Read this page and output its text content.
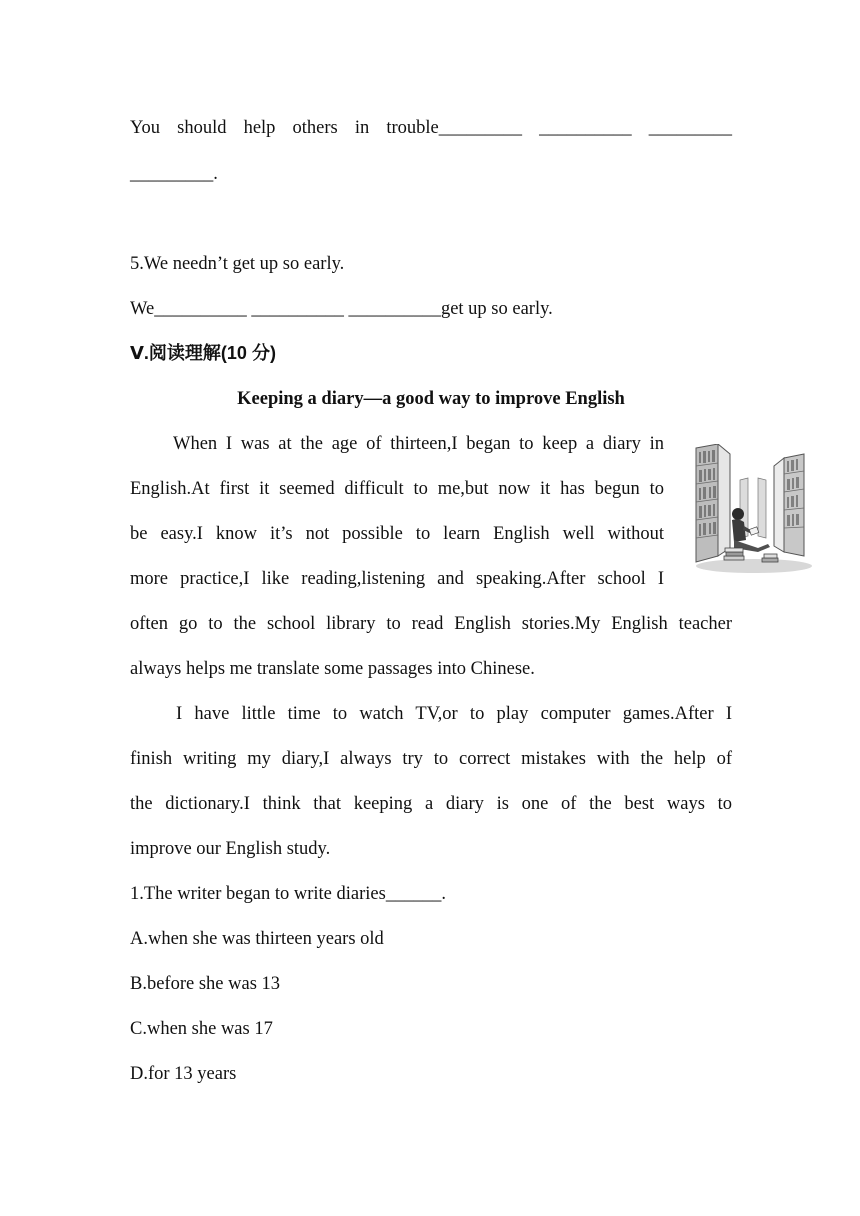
You should help others in trouble_________ __________ _________
_________.
5.We needn’t get up so early.
We__________ __________ __________get up so early.
Ⅴ.阅读理解(10 分)
Keeping a diary—a good way to improve English
When I was at the age of thirteen,I began to keep a diary in
English.At first it seemed difficult to me,but now it has begun to
be easy.I know it’s not possible to learn English well without
more practice,I like reading,listening and speaking.After school I
often go to the school library to read English stories.My English teacher
always helps me translate some passages into Chinese.
I have little time to watch TV,or to play computer games.After I
finish writing my diary,I always try to correct mistakes with the help of
the dictionary.I think that keeping a diary is one of the best ways to
improve our English study.
1.The writer began to write diaries______.
A.when she was thirteen years old
B.before she was 13
C.when she was 17
D.for 13 years
